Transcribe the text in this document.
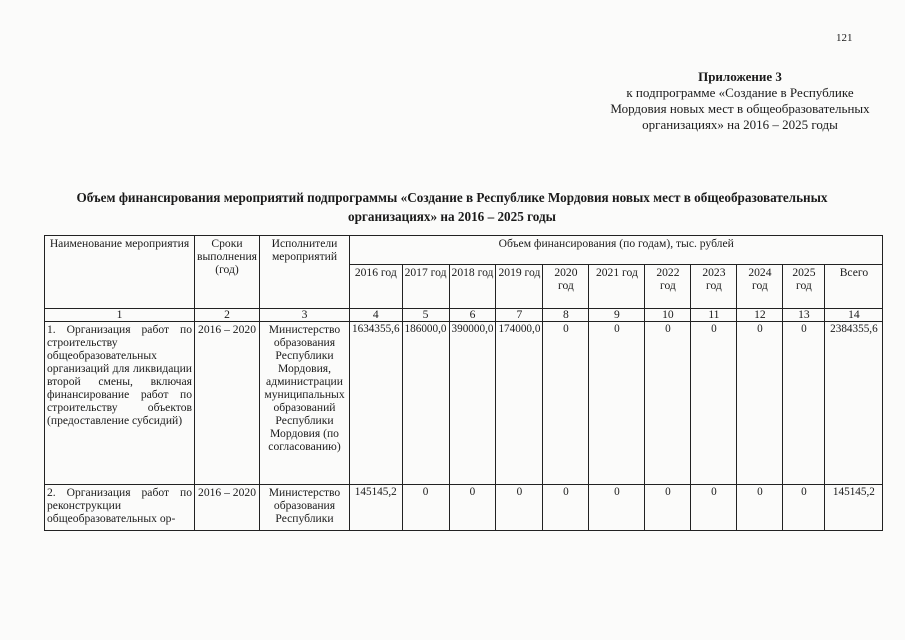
121
Приложение 3
к подпрограмме «Создание в Республике Мордовия новых мест в общеобразовательных организациях» на 2016 – 2025 годы
Объем финансирования мероприятий подпрограммы «Создание в Республике Мордовия новых мест в общеобразовательных организациях» на 2016 – 2025 годы
Наименование мероприятия	Сроки выполнения (год)	Исполнители мероприятий	Объем финансирования (по годам), тыс. рублей										
			2016 год	2017 год	2018 год	2019 год	2020 год	2021 год	2022 год	2023 год	2024 год	2025 год	Всего
1	2	3	4	5	6	7	8	9	10	11	12	13	14
1. Организация работ по строительству общеобразовательных организаций для ликвидации второй смены, включая финансирование работ по строительству объектов (предоставление субсидий)	2016 – 2020	Министерство образования Республики Мордовия, администрации муниципальных образований Республики Мордовия (по согласованию)	1634355,6	186000,0	390000,0	174000,0	0	0	0	0	0	0	2384355,6
2. Организация работ по реконструкции общеобразовательных ор-	2016 – 2020	Министерство образования Республики	145145,2	0	0	0	0	0	0	0	0	0	145145,2
